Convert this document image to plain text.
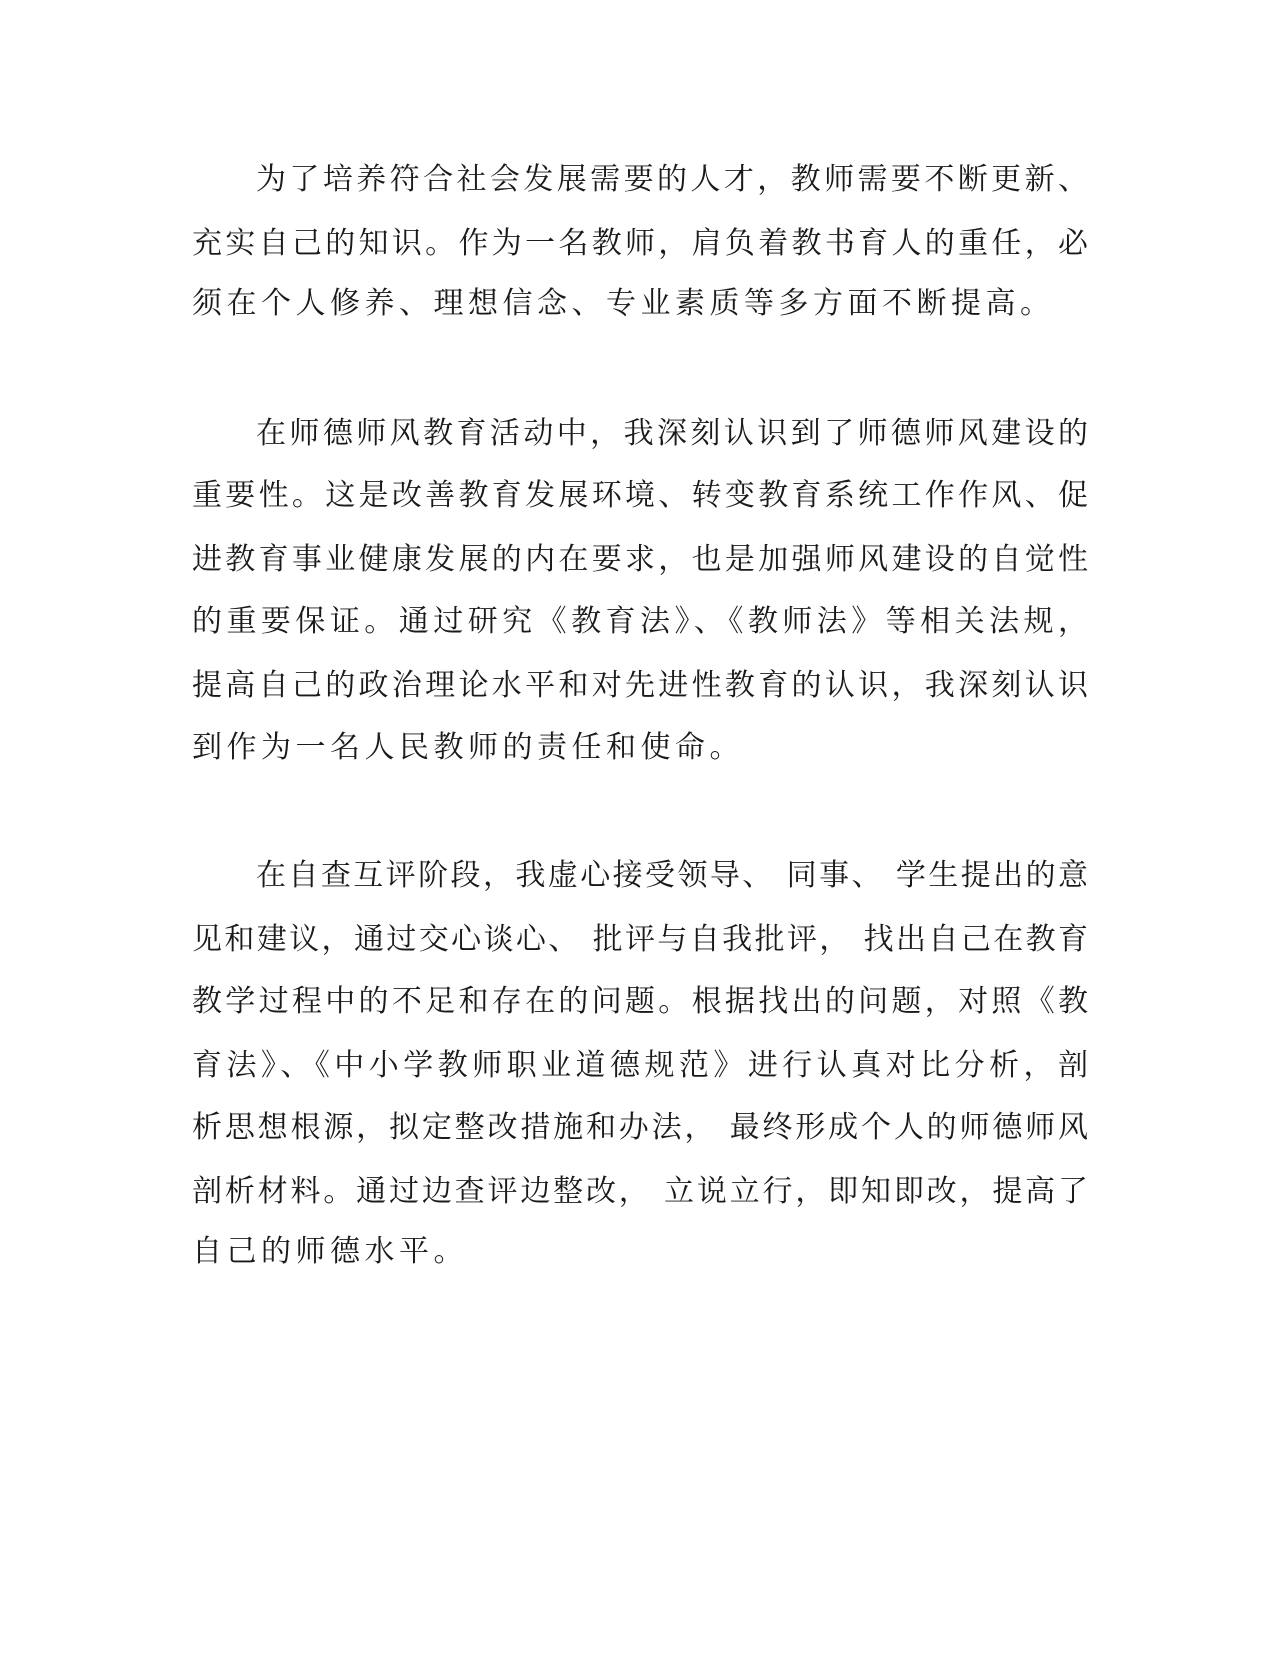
为了培养符合社会发展需要的人才，教师需要不断更新、
充实自己的知识。作为一名教师，肩负着教书育人的重任，必
须在个人修养、理想信念、专业素质等多方面不断提高。
在师德师风教育活动中，我深刻认识到了师德师风建设的
重要性。这是改善教育发展环境、转变教育系统工作作风、促
进教育事业健康发展的内在要求，也是加强师风建设的自觉性
的重要保证。通过研究《教育法》、《教师法》等相关法规，
提高自己的政治理论水平和对先进性教育的认识，我深刻认识
到作为一名人民教师的责任和使命。
在自查互评阶段，我虚心接受领导、 同事、 学生提出的意
见和建议，通过交心谈心、 批评与自我批评， 找出自己在教育
教学过程中的不足和存在的问题。根据找出的问题，对照《教
育法》、《中小学教师职业道德规范》进行认真对比分析，剖
析思想根源，拟定整改措施和办法， 最终形成个人的师德师风
剖析材料。通过边查评边整改， 立说立行，即知即改，提高了
自己的师德水平。
